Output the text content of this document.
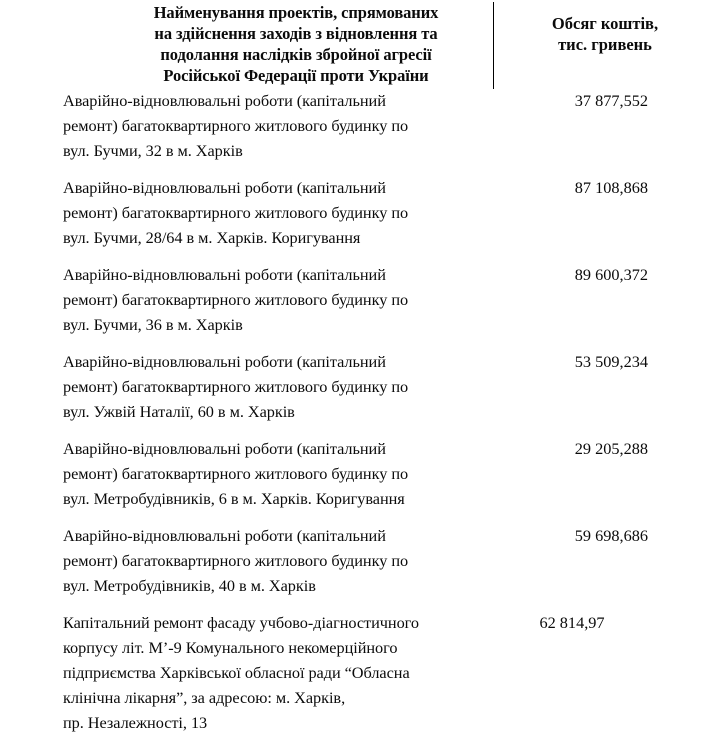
Найменування проектів, спрямованих
на здійснення заходів з відновлення та
подолання наслідків збройної агресії
Російської Федерації проти України
Обсяг коштів,
тис. гривень
Аварійно-відновлювальні роботи (капітальний
ремонт) багатоквартирного житлового будинку по
вул. Бучми, 32 в м. Харків
37 877,552
Аварійно-відновлювальні роботи (капітальний
ремонт) багатоквартирного житлового будинку по
вул. Бучми, 28/64 в м. Харків. Коригування
87 108,868
Аварійно-відновлювальні роботи (капітальний
ремонт) багатоквартирного житлового будинку по
вул. Бучми, 36 в м. Харків
89 600,372
Аварійно-відновлювальні роботи (капітальний
ремонт) багатоквартирного житлового будинку по
вул. Ужвій Наталії, 60 в м. Харків
53 509,234
Аварійно-відновлювальні роботи (капітальний
ремонт) багатоквартирного житлового будинку по
вул. Метробудівників, 6 в м. Харків. Коригування
29 205,288
Аварійно-відновлювальні роботи (капітальний
ремонт) багатоквартирного житлового будинку по
вул. Метробудівників, 40 в м. Харків
59 698,686
Капітальний ремонт фасаду учбово-діагностичного
корпусу літ. М’-9 Комунального некомерційного
підприємства Харківської обласної ради “Обласна
клінічна лікарня”, за адресою: м. Харків,
пр. Незалежності, 13
62 814,97
